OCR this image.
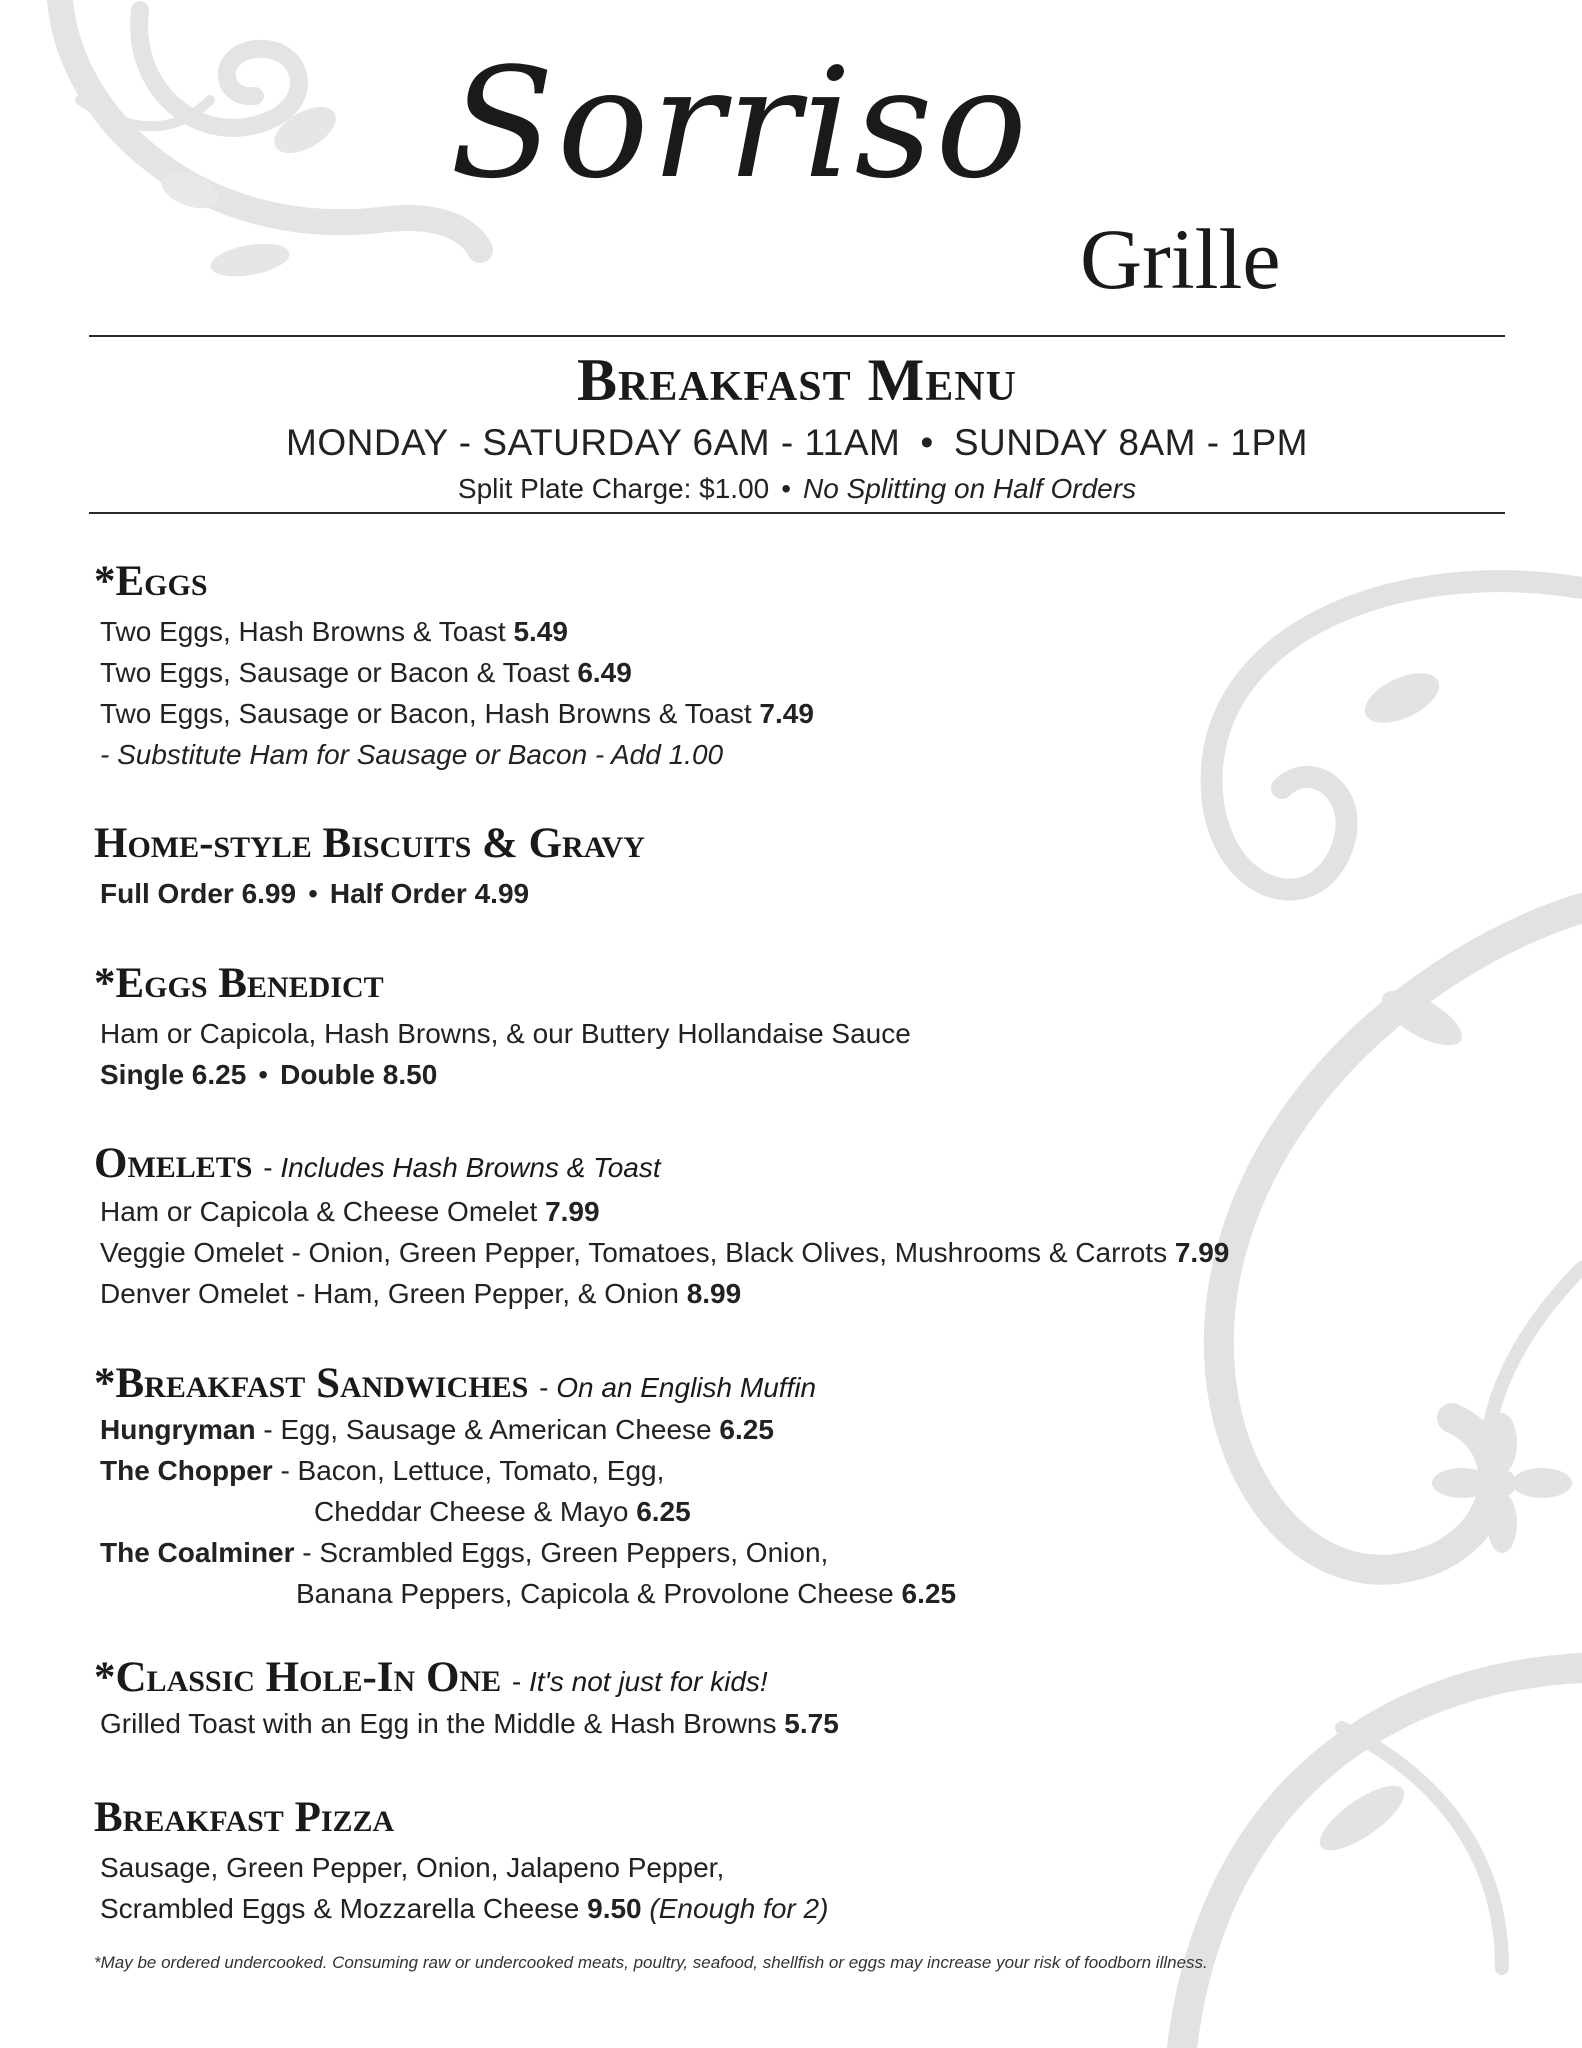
Sorriso
Grille
Breakfast Menu
MONDAY - SATURDAY 6AM - 11AM • SUNDAY 8AM - 1PM
Split Plate Charge: $1.00 • No Splitting on Half Orders
*Eggs
Two Eggs, Hash Browns & Toast 5.49
Two Eggs, Sausage or Bacon & Toast 6.49
Two Eggs, Sausage or Bacon, Hash Browns & Toast 7.49
- Substitute Ham for Sausage or Bacon - Add 1.00
Home-style Biscuits & Gravy
Full Order 6.99 • Half Order 4.99
*Eggs Benedict
Ham or Capicola, Hash Browns, & our Buttery Hollandaise Sauce
Single 6.25 • Double 8.50
Omelets - Includes Hash Browns & Toast
Ham or Capicola & Cheese Omelet 7.99
Veggie Omelet - Onion, Green Pepper, Tomatoes, Black Olives, Mushrooms & Carrots 7.99
Denver Omelet - Ham, Green Pepper, & Onion 8.99
*Breakfast Sandwiches - On an English Muffin
Hungryman - Egg, Sausage & American Cheese 6.25
The Chopper - Bacon, Lettuce, Tomato, Egg,
Cheddar Cheese & Mayo 6.25
The Coalminer - Scrambled Eggs, Green Peppers, Onion,
Banana Peppers, Capicola & Provolone Cheese 6.25
*Classic Hole-In One - It's not just for kids!
Grilled Toast with an Egg in the Middle & Hash Browns 5.75
Breakfast Pizza
Sausage, Green Pepper, Onion, Jalapeno Pepper,
Scrambled Eggs & Mozzarella Cheese 9.50 (Enough for 2)
*May be ordered undercooked. Consuming raw or undercooked meats, poultry, seafood, shellfish or eggs may increase your risk of foodborn illness.
